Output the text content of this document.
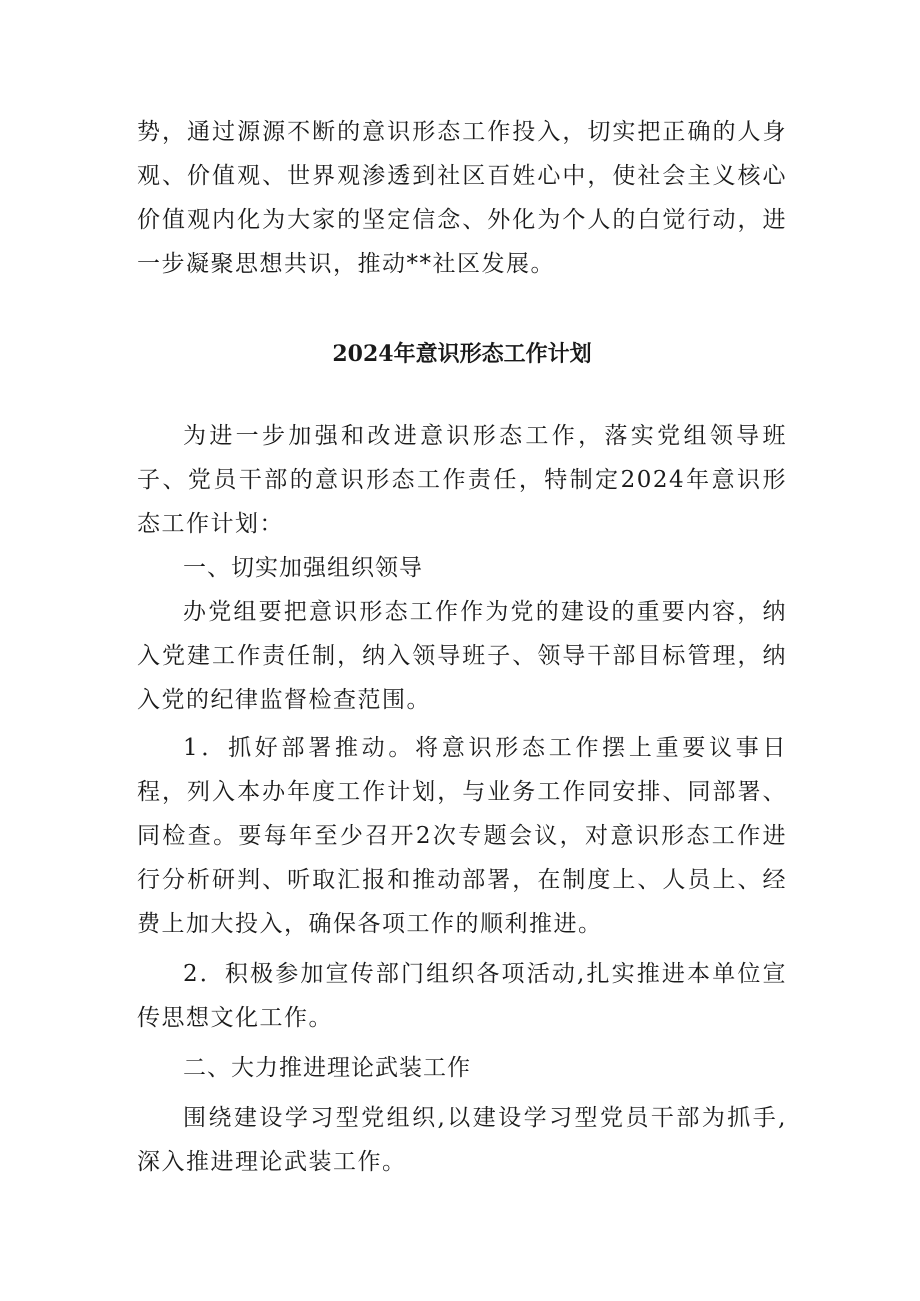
势，通过源源不断的意识形态工作投入，切实把正确的人身观、价值观、世界观渗透到社区百姓心中，使社会主义核心价值观内化为大家的坚定信念、外化为个人的白觉行动，进一步凝聚思想共识，推动**社区发展。

2024年意识形态工作计划

为进一步加强和改进意识形态工作，落实党组领导班子、党员干部的意识形态工作责任，特制定2024年意识形态工作计划：

一、切实加强组织领导

办党组要把意识形态工作作为党的建设的重要内容，纳入党建工作责任制，纳入领导班子、领导干部目标管理，纳入党的纪律监督检查范围。

1．抓好部署推动。将意识形态工作摆上重要议事日程，列入本办年度工作计划，与业务工作同安排、同部署、同检查。要每年至少召开2次专题会议，对意识形态工作进行分析研判、听取汇报和推动部署，在制度上、人员上、经费上加大投入，确保各项工作的顺利推进。

2．积极参加宣传部门组织各项活动,扎实推进本单位宣传思想文化工作。

二、大力推进理论武装工作

围绕建设学习型党组织,以建设学习型党员干部为抓手,深入推进理论武装工作。
